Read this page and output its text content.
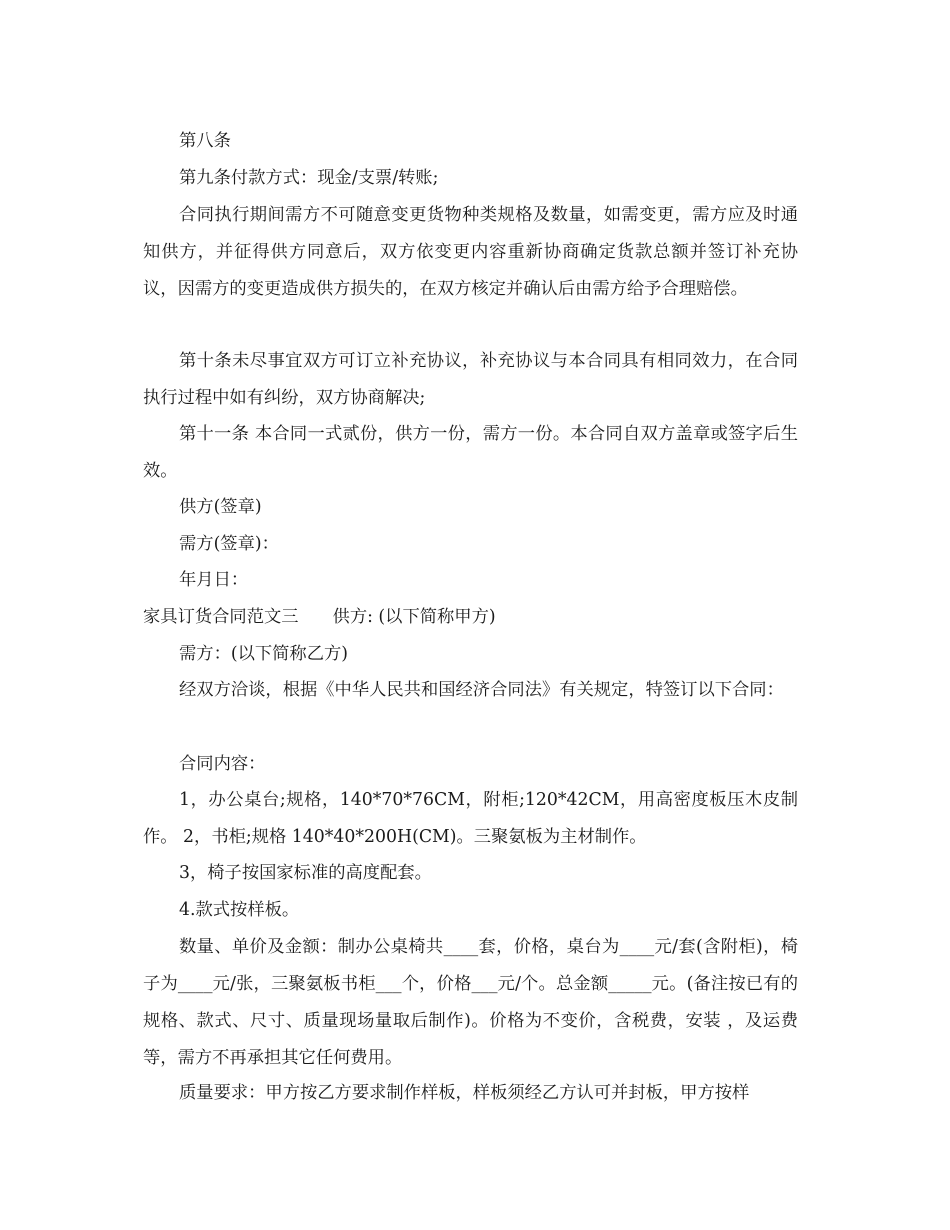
第八条

第九条付款方式：现金/支票/转账;

合同执行期间需方不可随意变更货物种类规格及数量，如需变更，需方应及时通知供方，并征得供方同意后，双方依变更内容重新协商确定货款总额并签订补充协议，因需方的变更造成供方损失的，在双方核定并确认后由需方给予合理赔偿。

第十条未尽事宜双方可订立补充协议，补充协议与本合同具有相同效力，在合同执行过程中如有纠纷，双方协商解决;

第十一条 本合同一式贰份，供方一份，需方一份。本合同自双方盖章或签字后生效。

供方(签章)

需方(签章)：

年月日：

家具订货合同范文三 供方: (以下简称甲方)

需方：(以下简称乙方)

经双方洽谈，根据《中华人民共和国经济合同法》有关规定，特签订以下合同：

合同内容：

1，办公桌台;规格，140*70*76CM，附柜;120*42CM，用高密度板压木皮制作。 2，书柜;规格 140*40*200H(CM)。三聚氨板为主材制作。

3，椅子按国家标准的高度配套。

4.款式按样板。

数量、单价及金额：制办公桌椅共____套，价格，桌台为____元/套(含附柜)，椅子为____元/张，三聚氨板书柜___个，价格___元/个。总金额_____元。(备注按已有的规格、款式、尺寸、质量现场量取后制作)。价格为不变价，含税费，安装 ，及运费等，需方不再承担其它任何费用。

质量要求：甲方按乙方要求制作样板，样板须经乙方认可并封板，甲方按样
